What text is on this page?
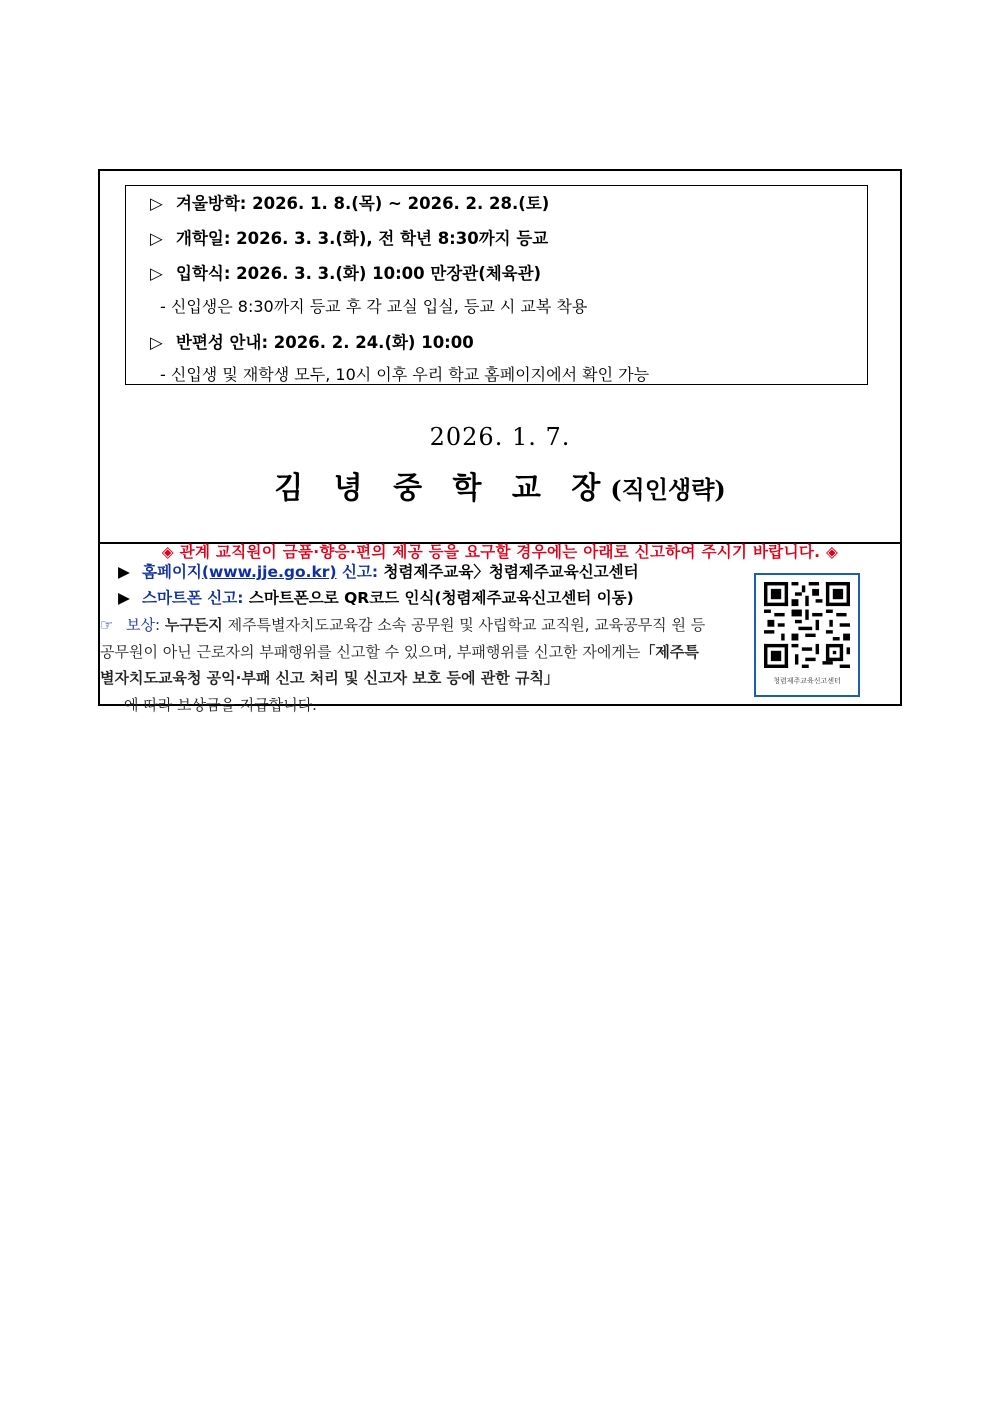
▷ 겨울방학: 2026. 1. 8.(목) ~ 2026. 2. 28.(토)
▷ 개학일: 2026. 3. 3.(화), 전 학년 8:30까지 등교
▷ 입학식: 2026. 3. 3.(화) 10:00 만장관(체육관)
- 신입생은 8:30까지 등교 후 각 교실 입실, 등교 시 교복 착용
▷ 반편성 안내: 2026. 2. 24.(화) 10:00
- 신입생 및 재학생 모두, 10시 이후 우리 학교 홈페이지에서 확인 가능
2026. 1. 7.
김 녕 중 학 교 장(직인생략)
◈ 관계 교직원이 금품·향응·편의 제공 등을 요구할 경우에는 아래로 신고하여 주시기 바랍니다. ◈
▶ 홈페이지(www.jje.go.kr) 신고: 청렴제주교육〉청렴제주교육신고센터
▶ 스마트폰 신고: 스마트폰으로 QR코드 인식(청렴제주교육신고센터 이동)
☞ 보상: 누구든지 제주특별자치도교육감 소속 공무원 및 사립학교 교직원, 교육공무직 원 등 공무원이 아닌 근로자의 부패행위를 신고할 수 있으며, 부패행위를 신고한 자에게는「제주특별자치도교육청 공익·부패 신고 처리 및 신고자 보호 등에 관한 규칙」
에 따라 보상금을 지급합니다.
청렴제주교육신고센터
